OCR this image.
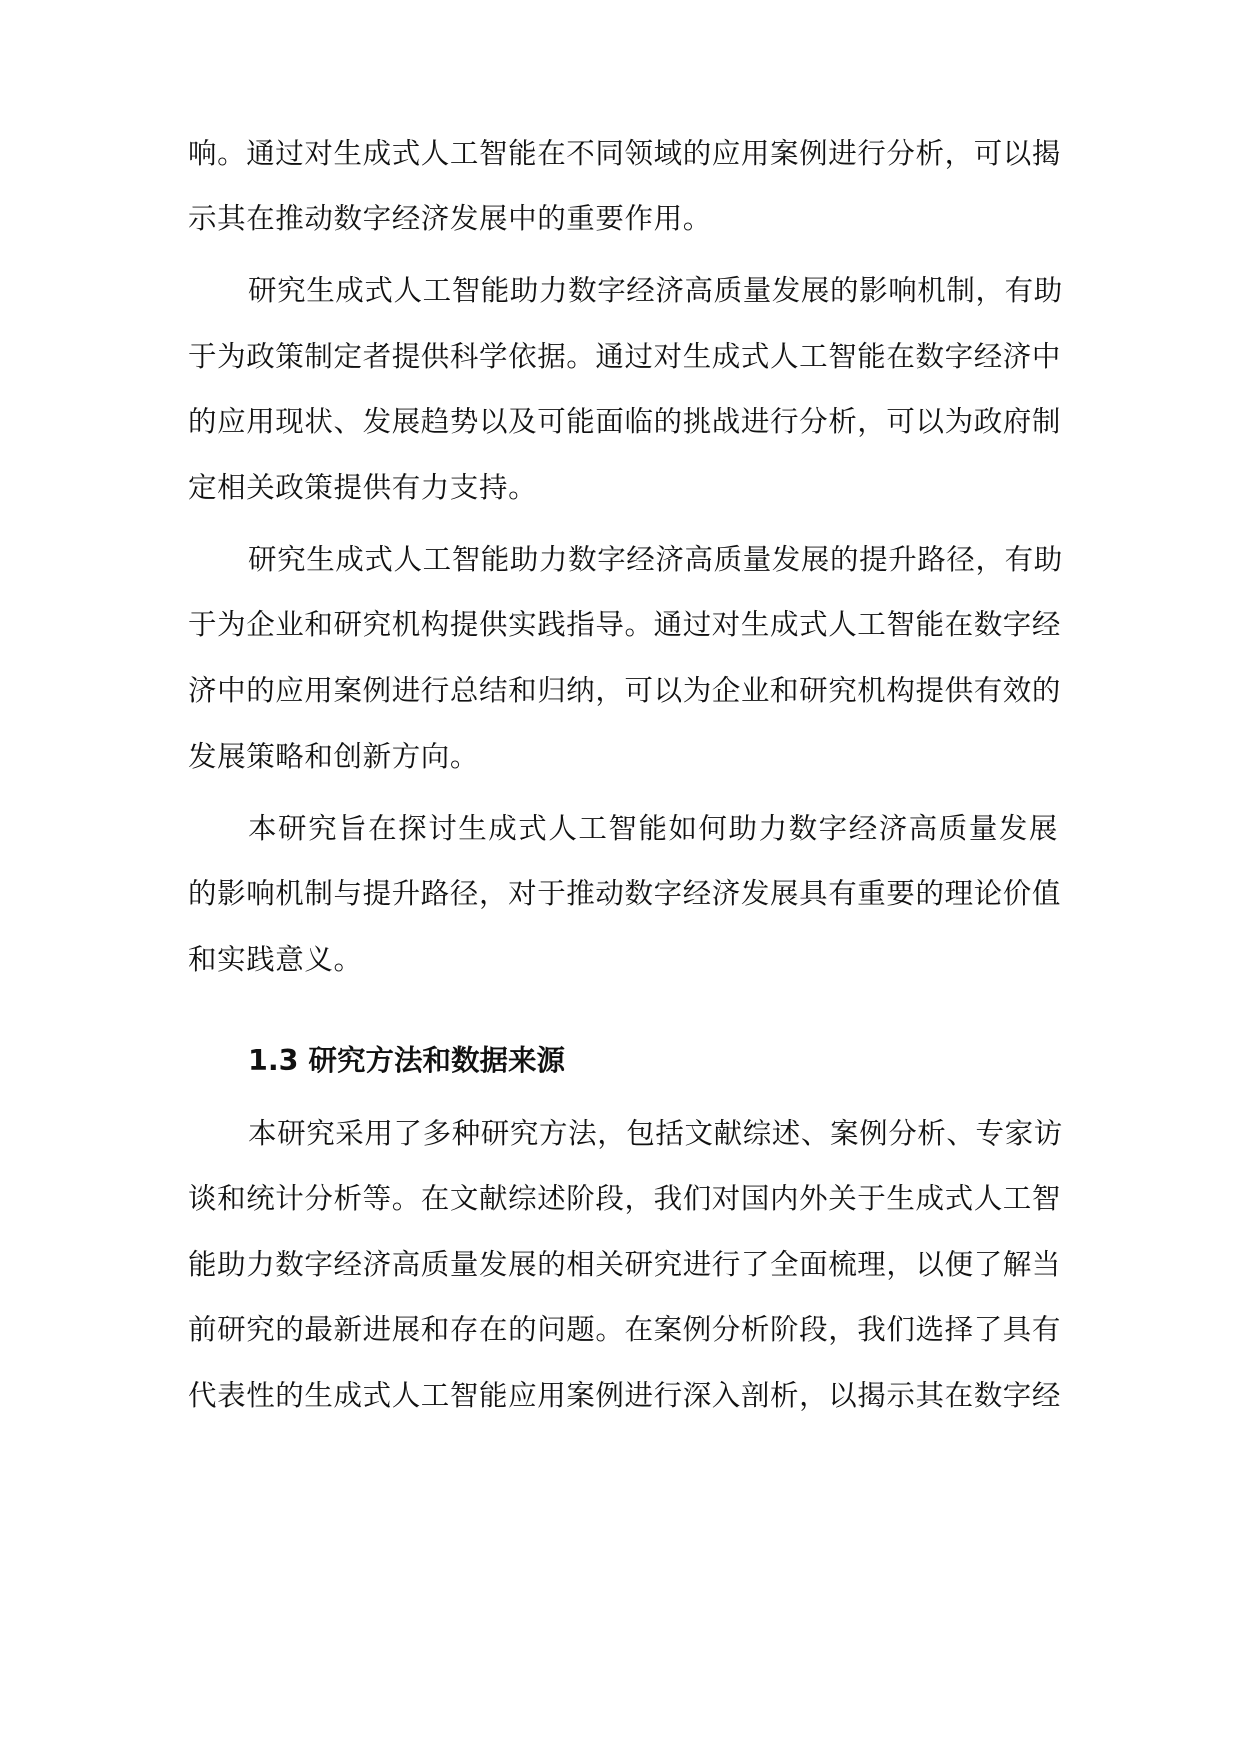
响。通过对生成式人工智能在不同领域的应用案例进行分析，可以揭
示其在推动数字经济发展中的重要作用。
研究生成式人工智能助力数字经济高质量发展的影响机制，有助
于为政策制定者提供科学依据。通过对生成式人工智能在数字经济中
的应用现状、发展趋势以及可能面临的挑战进行分析，可以为政府制
定相关政策提供有力支持。
研究生成式人工智能助力数字经济高质量发展的提升路径，有助
于为企业和研究机构提供实践指导。通过对生成式人工智能在数字经
济中的应用案例进行总结和归纳，可以为企业和研究机构提供有效的
发展策略和创新方向。
本研究旨在探讨生成式人工智能如何助力数字经济高质量发展
的影响机制与提升路径，对于推动数字经济发展具有重要的理论价值
和实践意义。
1.3 研究方法和数据来源
本研究采用了多种研究方法，包括文献综述、案例分析、专家访
谈和统计分析等。在文献综述阶段，我们对国内外关于生成式人工智
能助力数字经济高质量发展的相关研究进行了全面梳理，以便了解当
前研究的最新进展和存在的问题。在案例分析阶段，我们选择了具有
代表性的生成式人工智能应用案例进行深入剖析，以揭示其在数字经
